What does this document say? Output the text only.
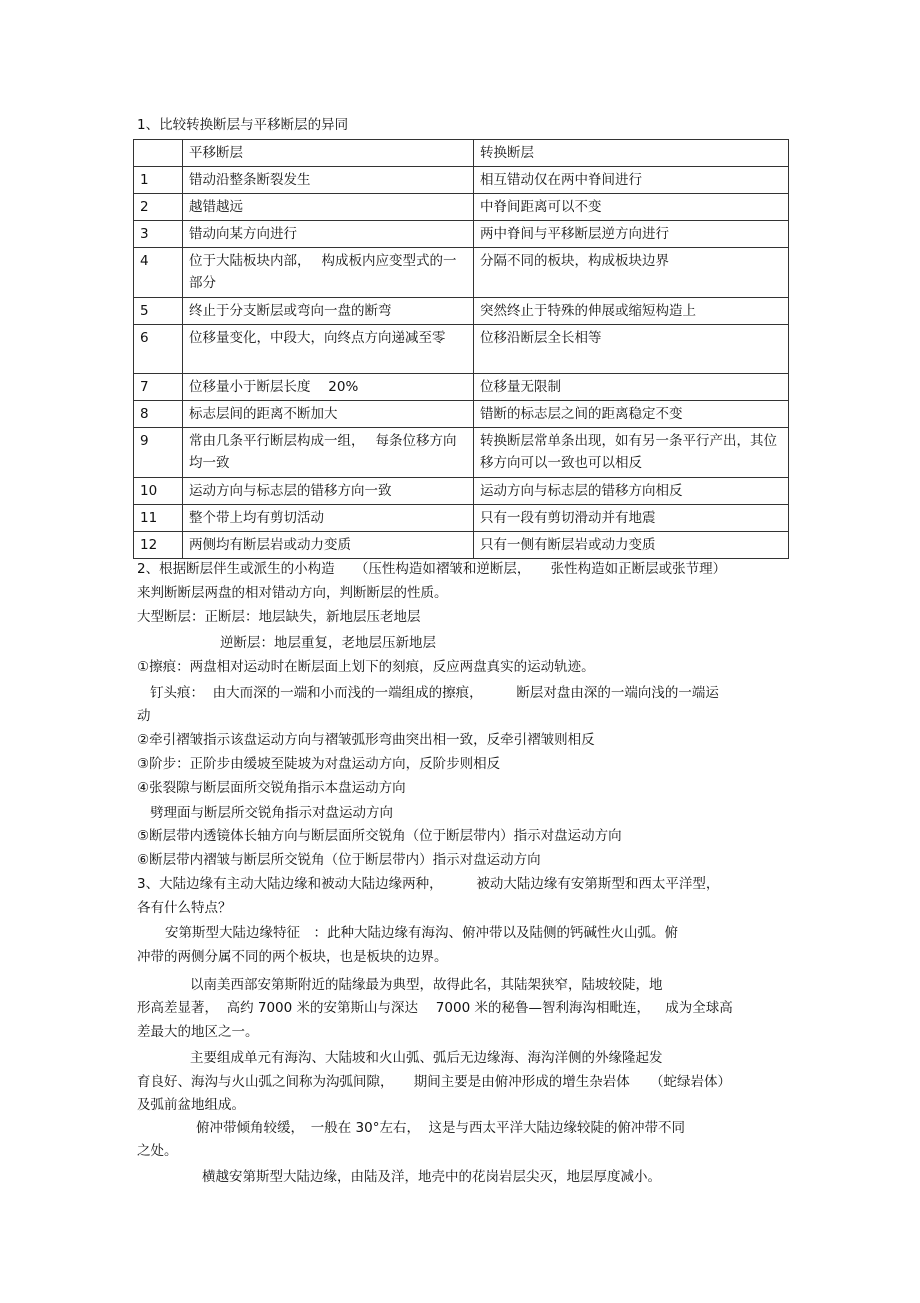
1、比较转换断层与平移断层的异同
	平移断层	转换断层
1	错动沿整条断裂发生	相互错动仅在两中脊间进行
2	越错越远	中脊间距离可以不变
3	错动向某方向进行	两中脊间与平移断层逆方向进行
4	位于大陆板块内部，　 构成板内应变型式的一部分	分隔不同的板块，构成板块边界
5	终止于分支断层或弯向一盘的断弯	突然终止于特殊的伸展或缩短构造上
6	位移量变化，中段大，向终点方向递减至零	位移沿断层全长相等
7	位移量小于断层长度　 20%	位移量无限制
8	标志层间的距离不断加大	错断的标志层之间的距离稳定不变
9	常由几条平行断层构成一组，　 每条位移方向均一致	转换断层常单条出现，如有另一条平行产出，其位移方向可以一致也可以相反
10	运动方向与标志层的错移方向一致	运动方向与标志层的错移方向相反
11	整个带上均有剪切活动	只有一段有剪切滑动并有地震
12	两侧均有断层岩或动力变质	只有一侧有断层岩或动力变质
2、根据断层伴生或派生的小构造　　（压性构造如褶皱和逆断层，　　张性构造如正断层或张节理）
来判断断层两盘的相对错动方向，判断断层的性质。
大型断层：正断层：地层缺失，新地层压老地层
逆断层：地层重复，老地层压新地层
①擦痕：两盘相对运动时在断层面上划下的刻痕，反应两盘真实的运动轨迹。
钉头痕：  由大而深的一端和小而浅的一端组成的擦痕，　　　断层对盘由深的一端向浅的一端运
动
②牵引褶皱指示该盘运动方向与褶皱弧形弯曲突出相一致，反牵引褶皱则相反
③阶步：正阶步由缓坡至陡坡为对盘运动方向，反阶步则相反
④张裂隙与断层面所交锐角指示本盘运动方向
劈理面与断层所交锐角指示对盘运动方向
⑤断层带内透镜体长轴方向与断层面所交锐角（位于断层带内）指示对盘运动方向
⑥断层带内褶皱与断层所交锐角（位于断层带内）指示对盘运动方向
3、大陆边缘有主动大陆边缘和被动大陆边缘两种，　　　被动大陆边缘有安第斯型和西太平洋型，
各有什么特点？
安第斯型大陆边缘特征　：此种大陆边缘有海沟、俯冲带以及陆侧的钙碱性火山弧。俯
冲带的两侧分属不同的两个板块，也是板块的边界。
以南美西部安第斯附近的陆缘最为典型，故得此名，其陆架狭窄，陆坡较陡，地
形高差显著，  高约 7000 米的安第斯山与深达　 7000 米的秘鲁—智利海沟相毗连，　  成为全球高
差最大的地区之一。
主要组成单元有海沟、大陆坡和火山弧、弧后无边缘海、海沟洋侧的外缘隆起发
育良好、海沟与火山弧之间称为沟弧间隙，　　期间主要是由俯冲形成的增生杂岩体　　（蛇绿岩体）
及弧前盆地组成。
俯冲带倾角较缓，　一般在 30°左右，  这是与西太平洋大陆边缘较陡的俯冲带不同
之处。
横越安第斯型大陆边缘，由陆及洋，地壳中的花岗岩层尖灭，地层厚度减小。
